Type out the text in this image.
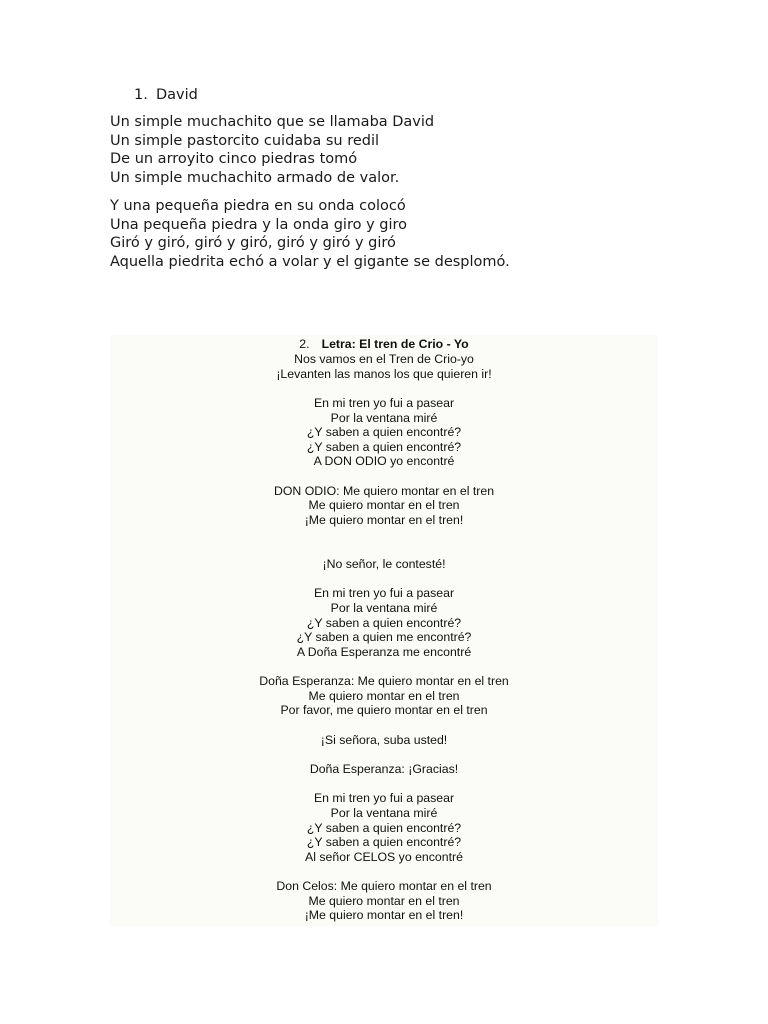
1. David
Un simple muchachito que se llamaba David
Un simple pastorcito cuidaba su redil
De un arroyito cinco piedras tomó
Un simple muchachito armado de valor.
Y una pequeña piedra en su onda colocó
Una pequeña piedra y la onda giro y giro
Giró y giró, giró y giró, giró y giró y giró
Aquella piedrita echó a volar y el gigante se desplomó.
2. Letra: El tren de Crio - Yo
Nos vamos en el Tren de Crio-yo
¡Levanten las manos los que quieren ir!
En mi tren yo fui a pasear
Por la ventana miré
¿Y saben a quien encontré?
¿Y saben a quien encontré?
A DON ODIO yo encontré
DON ODIO: Me quiero montar en el tren
Me quiero montar en el tren
¡Me quiero montar en el tren!
¡No señor, le contesté!
En mi tren yo fui a pasear
Por la ventana miré
¿Y saben a quien encontré?
¿Y saben a quien me encontré?
A Doña Esperanza me encontré
Doña Esperanza: Me quiero montar en el tren
Me quiero montar en el tren
Por favor, me quiero montar en el tren
¡Si señora, suba usted!
Doña Esperanza: ¡Gracias!
En mi tren yo fui a pasear
Por la ventana miré
¿Y saben a quien encontré?
¿Y saben a quien encontré?
Al señor CELOS yo encontré
Don Celos: Me quiero montar en el tren
Me quiero montar en el tren
¡Me quiero montar en el tren!
